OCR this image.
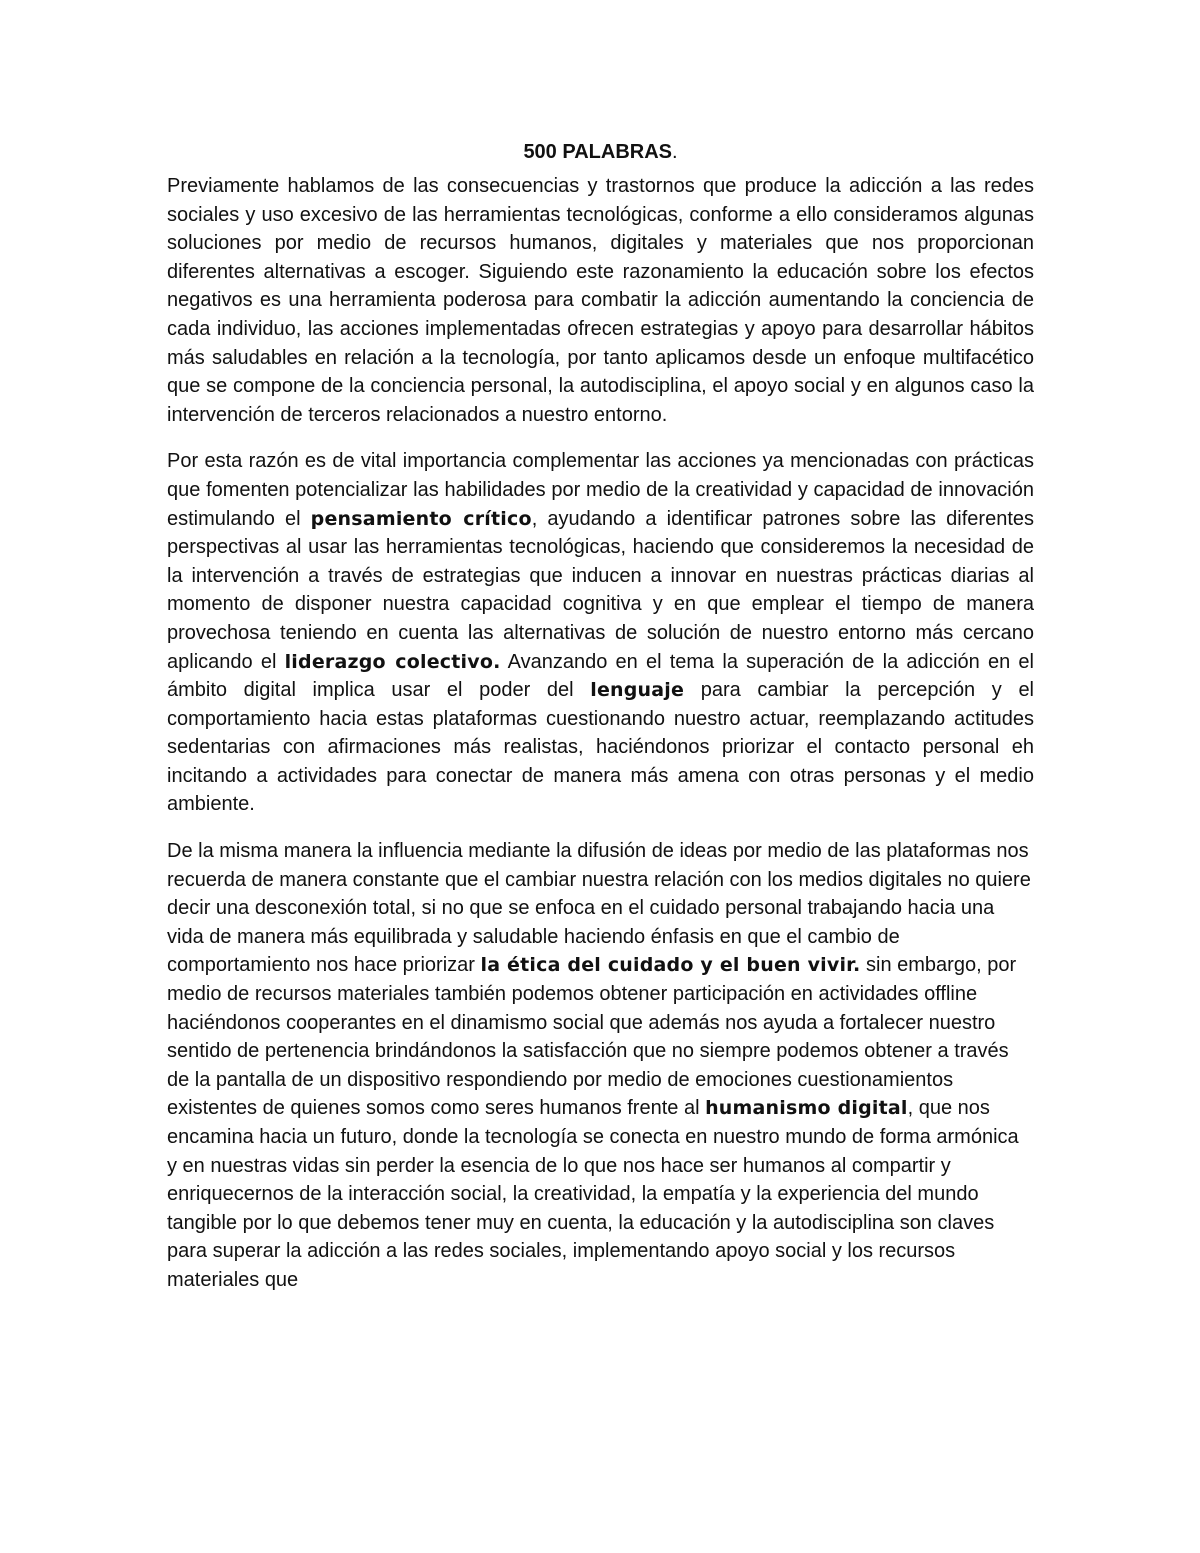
500 PALABRAS.

Previamente hablamos de las consecuencias y trastornos que produce la adicción a las redes sociales y uso excesivo de las herramientas tecnológicas, conforme a ello consideramos algunas soluciones por medio de recursos humanos, digitales y materiales que nos proporcionan diferentes alternativas a escoger. Siguiendo este razonamiento la educación sobre los efectos negativos es una herramienta poderosa para combatir la adicción aumentando la conciencia de cada individuo, las acciones implementadas ofrecen estrategias y apoyo para desarrollar hábitos más saludables en relación a la tecnología, por tanto aplicamos desde un enfoque multifacético que se compone de la conciencia personal, la autodisciplina, el apoyo social y en algunos caso la intervención de terceros relacionados a nuestro entorno.

Por esta razón es de vital importancia complementar las acciones ya mencionadas con prácticas que fomenten potencializar las habilidades por medio de la creatividad y capacidad de innovación estimulando el pensamiento crítico, ayudando a identificar patrones sobre las diferentes perspectivas al usar las herramientas tecnológicas, haciendo que consideremos la necesidad de la intervención a través de estrategias que inducen a innovar en nuestras prácticas diarias al momento de disponer nuestra capacidad cognitiva y en que emplear el tiempo de manera provechosa teniendo en cuenta las alternativas de solución de nuestro entorno más cercano aplicando el liderazgo colectivo. Avanzando en el tema la superación de la adicción en el ámbito digital implica usar el poder del lenguaje para cambiar la percepción y el comportamiento hacia estas plataformas cuestionando nuestro actuar, reemplazando actitudes sedentarias con afirmaciones más realistas, haciéndonos priorizar el contacto personal eh incitando a actividades para conectar de manera más amena con otras personas y el medio ambiente.

De la misma manera la influencia mediante la difusión de ideas por medio de las plataformas nos recuerda de manera constante que el cambiar nuestra relación con los medios digitales no quiere decir una desconexión total, si no que se enfoca en el cuidado personal trabajando hacia una vida de manera más equilibrada y saludable haciendo énfasis en que el cambio de comportamiento nos hace priorizar la ética del cuidado y el buen vivir. sin embargo, por medio de recursos materiales también podemos obtener participación en actividades offline haciéndonos cooperantes en el dinamismo social que además nos ayuda a fortalecer nuestro sentido de pertenencia brindándonos la satisfacción que no siempre podemos obtener a través de la pantalla de un dispositivo respondiendo por medio de emociones cuestionamientos existentes de quienes somos como seres humanos frente al humanismo digital, que nos encamina hacia un futuro, donde la tecnología se conecta en nuestro mundo de forma armónica y en nuestras vidas sin perder la esencia de lo que nos hace ser humanos al compartir y enriquecernos de la interacción social, la creatividad, la empatía y la experiencia del mundo tangible por lo que debemos tener muy en cuenta, la educación y la autodisciplina son claves para superar la adicción a las redes sociales, implementando apoyo social y los recursos materiales que
